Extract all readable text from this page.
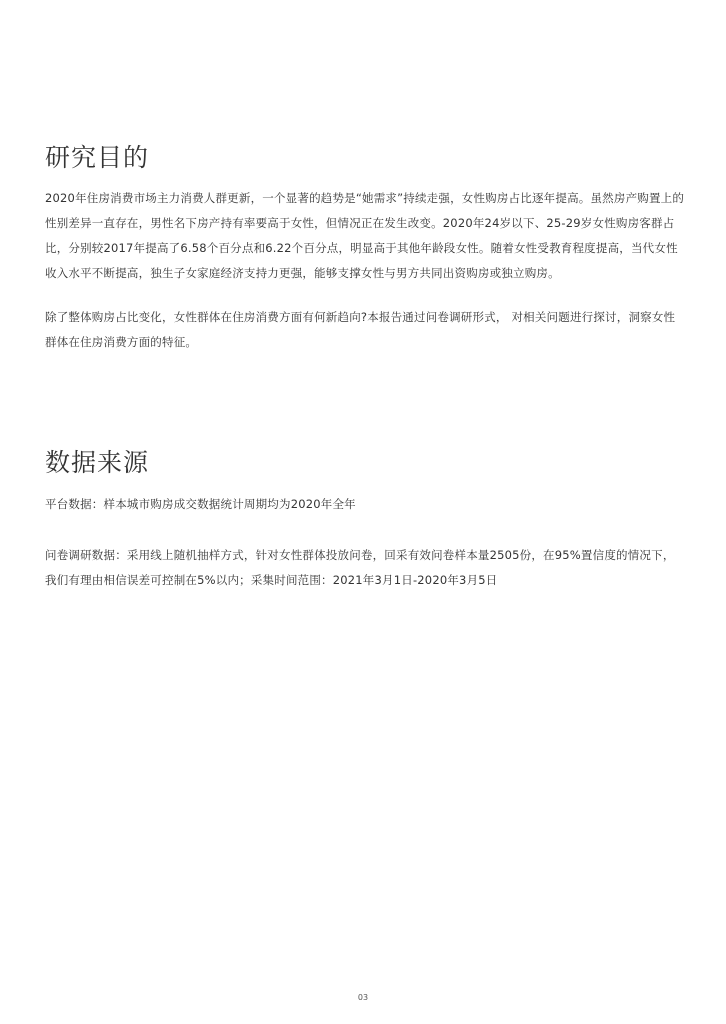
研究目的

2020年住房消费市场主力消费人群更新，一个显著的趋势是“她需求”持续走强，女性购房占比逐年提高。虽然房产购置上的性别差异一直存在，男性名下房产持有率要高于女性，但情况正在发生改变。2020年24岁以下、25-29岁女性购房客群占比，分别较2017年提高了6.58个百分点和6.22个百分点，明显高于其他年龄段女性。随着女性受教育程度提高，当代女性收入水平不断提高，独生子女家庭经济支持力更强，能够支撑女性与男方共同出资购房或独立购房。

除了整体购房占比变化，女性群体在住房消费方面有何新趋向?本报告通过问卷调研形式， 对相关问题进行探讨，洞察女性群体在住房消费方面的特征。

数据来源

平台数据：样本城市购房成交数据统计周期均为2020年全年

问卷调研数据：采用线上随机抽样方式，针对女性群体投放问卷，回采有效问卷样本量2505份，在95%置信度的情况下，我们有理由相信误差可控制在5%以内；采集时间范围：2021年3月1日-2020年3月5日

03
